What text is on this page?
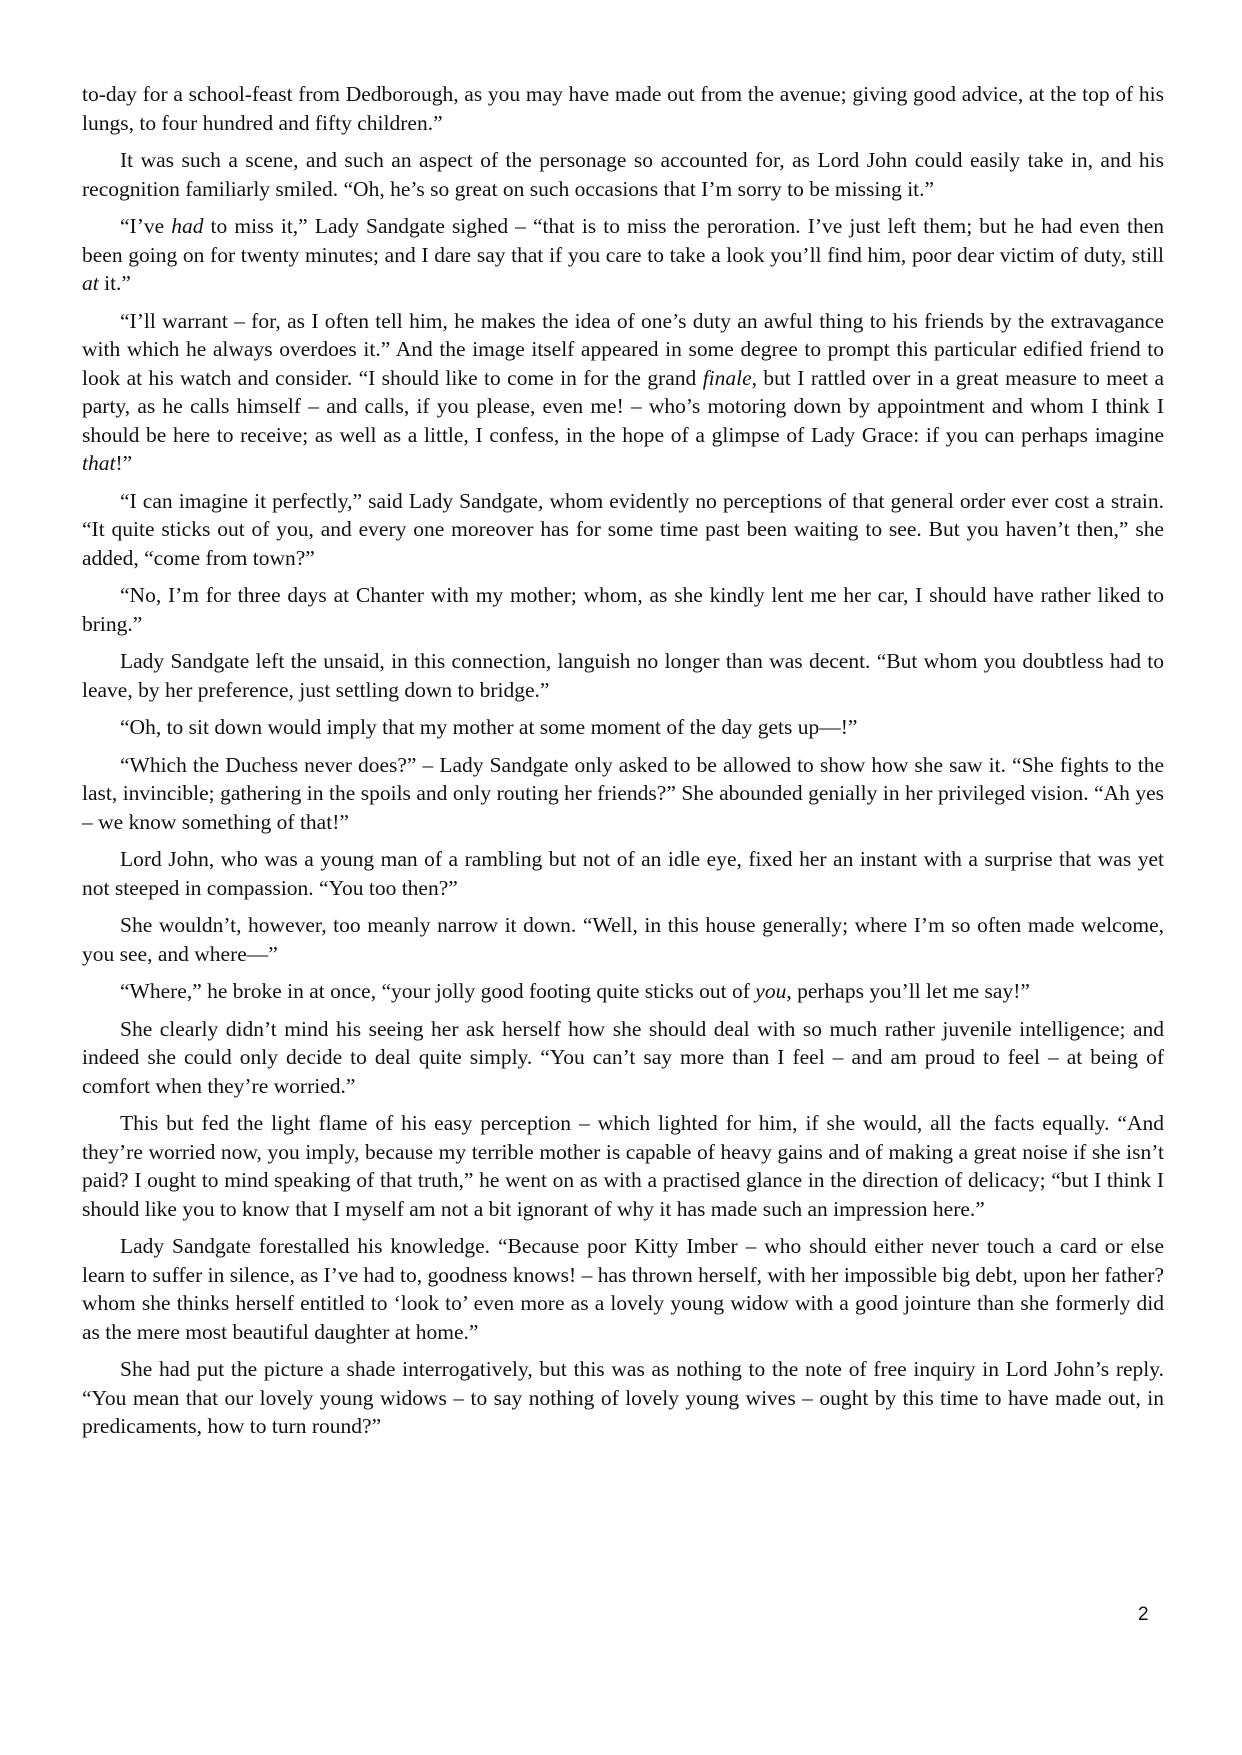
to-day for a school-feast from Dedborough, as you may have made out from the avenue; giving good advice, at the top of his lungs, to four hundred and fifty children.”

It was such a scene, and such an aspect of the personage so accounted for, as Lord John could easily take in, and his recognition familiarly smiled. “Oh, he’s so great on such occasions that I’m sorry to be missing it.”

“I’ve had to miss it,” Lady Sandgate sighed – “that is to miss the peroration. I’ve just left them; but he had even then been going on for twenty minutes; and I dare say that if you care to take a look you’ll find him, poor dear victim of duty, still at it.”

“I’ll warrant – for, as I often tell him, he makes the idea of one’s duty an awful thing to his friends by the extravagance with which he always overdoes it.” And the image itself appeared in some degree to prompt this particular edified friend to look at his watch and consider. “I should like to come in for the grand finale, but I rattled over in a great measure to meet a party, as he calls himself – and calls, if you please, even me! – who’s motoring down by appointment and whom I think I should be here to receive; as well as a little, I confess, in the hope of a glimpse of Lady Grace: if you can perhaps imagine that!”

“I can imagine it perfectly,” said Lady Sandgate, whom evidently no perceptions of that general order ever cost a strain. “It quite sticks out of you, and every one moreover has for some time past been waiting to see. But you haven’t then,” she added, “come from town?”

“No, I’m for three days at Chanter with my mother; whom, as she kindly lent me her car, I should have rather liked to bring.”

Lady Sandgate left the unsaid, in this connection, languish no longer than was decent. “But whom you doubtless had to leave, by her preference, just settling down to bridge.”

“Oh, to sit down would imply that my mother at some moment of the day gets up—!”

“Which the Duchess never does?” – Lady Sandgate only asked to be allowed to show how she saw it. “She fights to the last, invincible; gathering in the spoils and only routing her friends?” She abounded genially in her privileged vision. “Ah yes – we know something of that!”

Lord John, who was a young man of a rambling but not of an idle eye, fixed her an instant with a surprise that was yet not steeped in compassion. “You too then?”

She wouldn’t, however, too meanly narrow it down. “Well, in this house generally; where I’m so often made welcome, you see, and where—”

“Where,” he broke in at once, “your jolly good footing quite sticks out of you, perhaps you’ll let me say!”

She clearly didn’t mind his seeing her ask herself how she should deal with so much rather juvenile intelligence; and indeed she could only decide to deal quite simply. “You can’t say more than I feel – and am proud to feel – at being of comfort when they’re worried.”

This but fed the light flame of his easy perception – which lighted for him, if she would, all the facts equally. “And they’re worried now, you imply, because my terrible mother is capable of heavy gains and of making a great noise if she isn’t paid? I ought to mind speaking of that truth,” he went on as with a practised glance in the direction of delicacy; “but I think I should like you to know that I myself am not a bit ignorant of why it has made such an impression here.”

Lady Sandgate forestalled his knowledge. “Because poor Kitty Imber – who should either never touch a card or else learn to suffer in silence, as I’ve had to, goodness knows! – has thrown herself, with her impossible big debt, upon her father? whom she thinks herself entitled to ‘look to’ even more as a lovely young widow with a good jointure than she formerly did as the mere most beautiful daughter at home.”

She had put the picture a shade interrogatively, but this was as nothing to the note of free inquiry in Lord John’s reply. “You mean that our lovely young widows – to say nothing of lovely young wives – ought by this time to have made out, in predicaments, how to turn round?”

2
